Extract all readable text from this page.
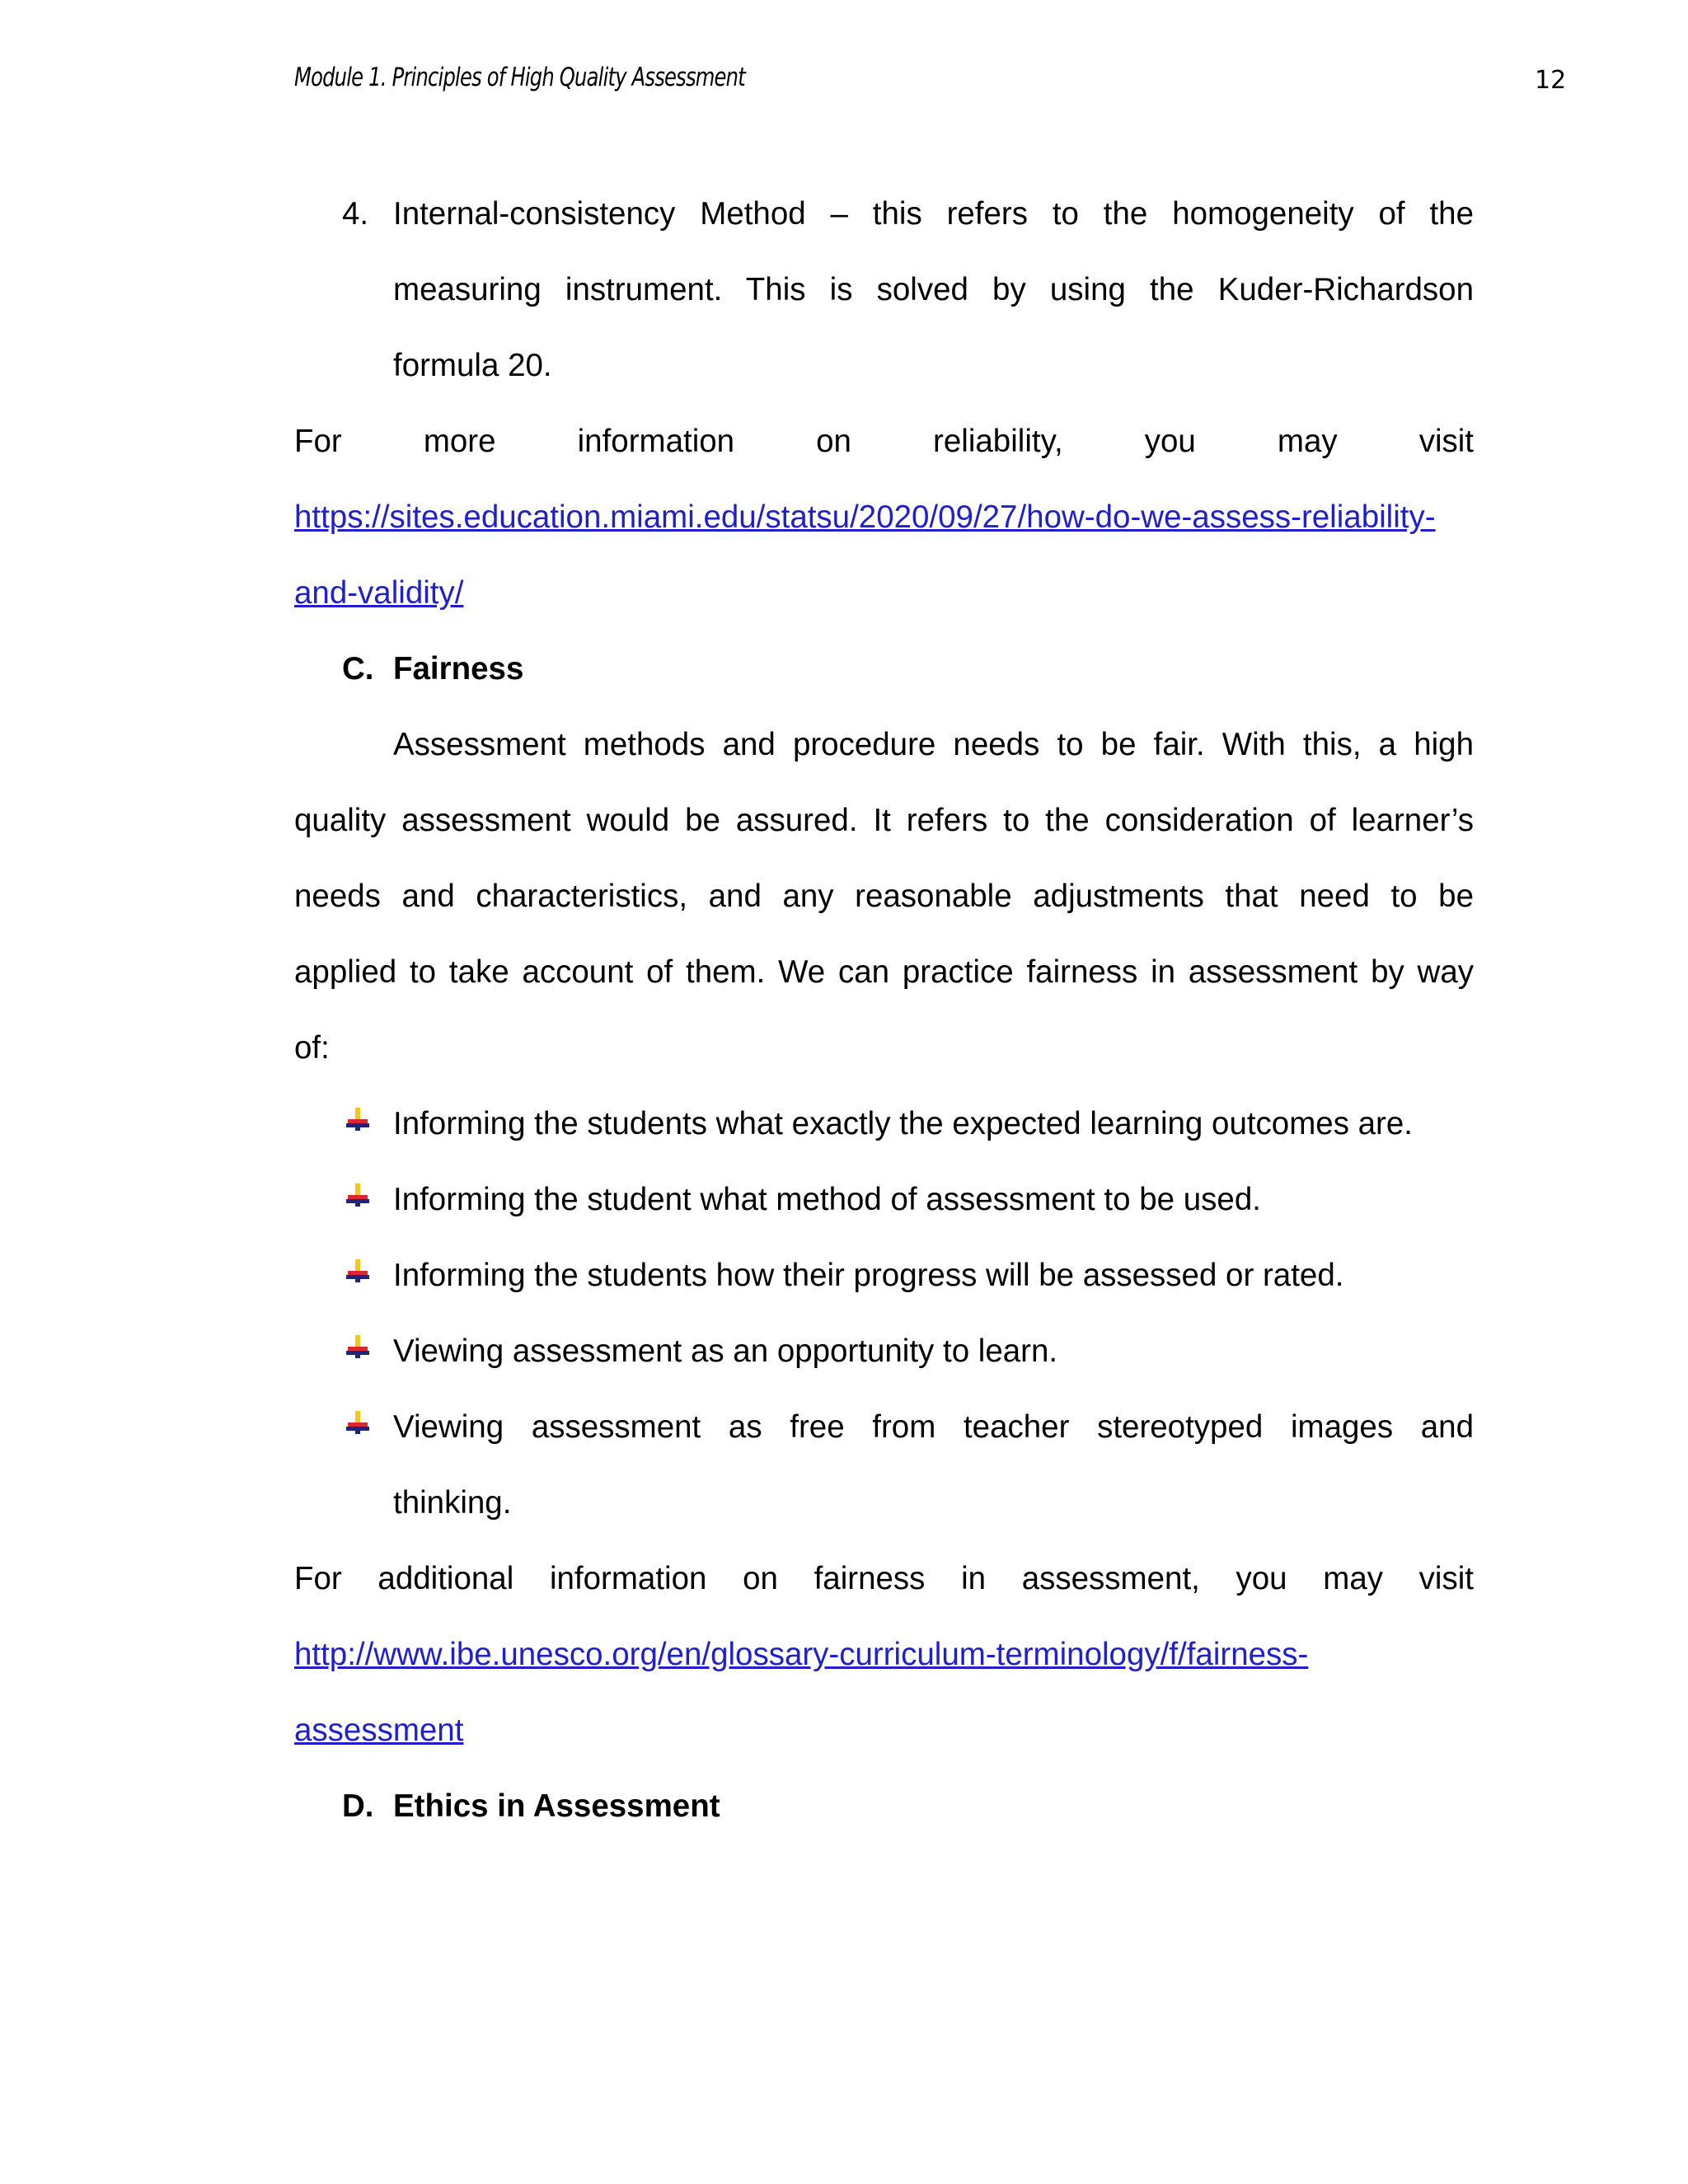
Module 1. Principles of High Quality Assessment	12
4. Internal-consistency Method – this refers to the homogeneity of the
measuring instrument. This is solved by using the Kuder-Richardson
formula 20.
For more information on reliability, you may visit
https://sites.education.miami.edu/statsu/2020/09/27/how-do-we-assess-reliability-
and-validity/
C. Fairness
Assessment methods and procedure needs to be fair. With this, a high
quality assessment would be assured. It refers to the consideration of learner’s
needs and characteristics, and any reasonable adjustments that need to be
applied to take account of them. We can practice fairness in assessment by way
of:
Informing the students what exactly the expected learning outcomes are.
Informing the student what method of assessment to be used.
Informing the students how their progress will be assessed or rated.
Viewing assessment as an opportunity to learn.
Viewing assessment as free from teacher stereotyped images and
thinking.
For additional information on fairness in assessment, you may visit
http://www.ibe.unesco.org/en/glossary-curriculum-terminology/f/fairness-
assessment
D. Ethics in Assessment
